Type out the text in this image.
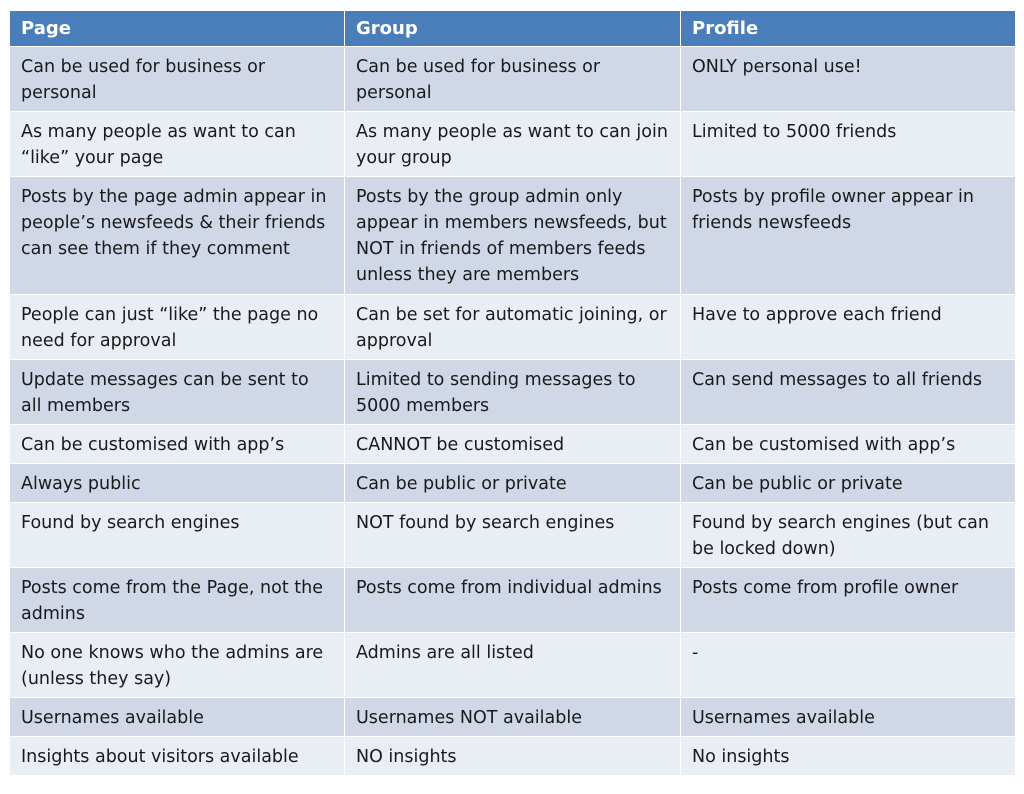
Page	Group	Profile
Can be used for business or personal	Can be used for business or personal	ONLY personal use!
As many people as want to can “like” your page	As many people as want to can join your group	Limited to 5000 friends
Posts by the page admin appear in people’s newsfeeds & their friends can see them if they comment	Posts by the group admin only appear in members newsfeeds, but NOT in friends of members feeds unless they are members	Posts by profile owner appear in friends newsfeeds
People can just “like” the page no need for approval	Can be set for automatic joining, or approval	Have to approve each friend
Update messages can be sent to all members	Limited to sending messages to 5000 members	Can send messages to all friends
Can be customised with app’s	CANNOT be customised	Can be customised with app’s
Always public	Can be public or private	Can be public or private
Found by search engines	NOT found by search engines	Found by search engines (but can be locked down)
Posts come from the Page, not the admins	Posts come from individual admins	Posts come from profile owner
No one knows who the admins are (unless they say)	Admins are all listed	-
Usernames available	Usernames NOT available	Usernames available
Insights about visitors available	NO insights	No insights
